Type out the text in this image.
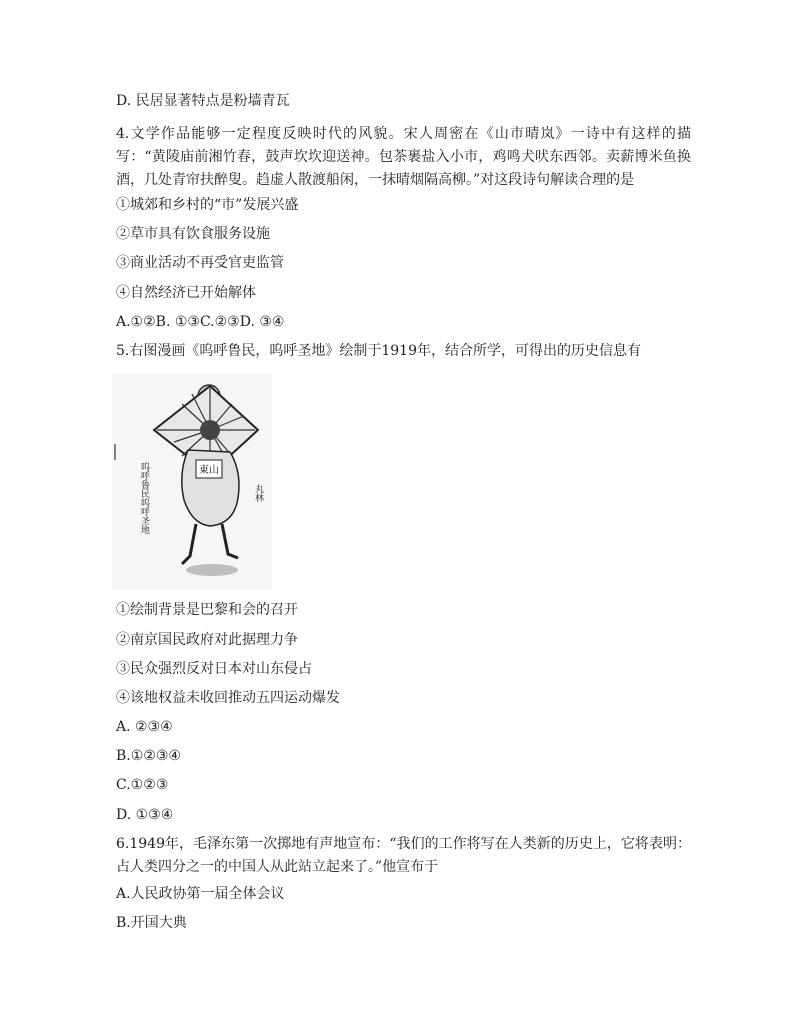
D. 民居显著特点是粉墙青瓦
4.文学作品能够一定程度反映时代的风貌。宋人周密在《山市晴岚》一诗中有这样的描写：“黄陵庙前湘竹春，鼓声坎坎迎送神。包茶裹盐入小市，鸡鸣犬吠东西邻。卖薪博米鱼换酒，几处青帘扶醉叟。趋虚人散渡船闲，一抹晴烟隔高柳。”对这段诗句解读合理的是
①城郊和乡村的“市”发展兴盛
②草市具有饮食服务设施
③商业活动不再受官吏监管
④自然经济已开始解体
A.①②B. ①③C.②③D. ③④
5.右图漫画《呜呼鲁民，呜呼圣地》绘制于1919年，结合所学，可得出的历史信息有
東山
呜呼鲁民呜呼圣地	丸林
①绘制背景是巴黎和会的召开
②南京国民政府对此据理力争
③民众强烈反对日本对山东侵占
④该地权益未收回推动五四运动爆发
A. ②③④
B.①②③④
C.①②③
D. ①③④
6.1949年，毛泽东第一次掷地有声地宣布：“我们的工作将写在人类新的历史上，它将表明：占人类四分之一的中国人从此站立起来了。”他宣布于
A.人民政协第一届全体会议
B.开国大典
